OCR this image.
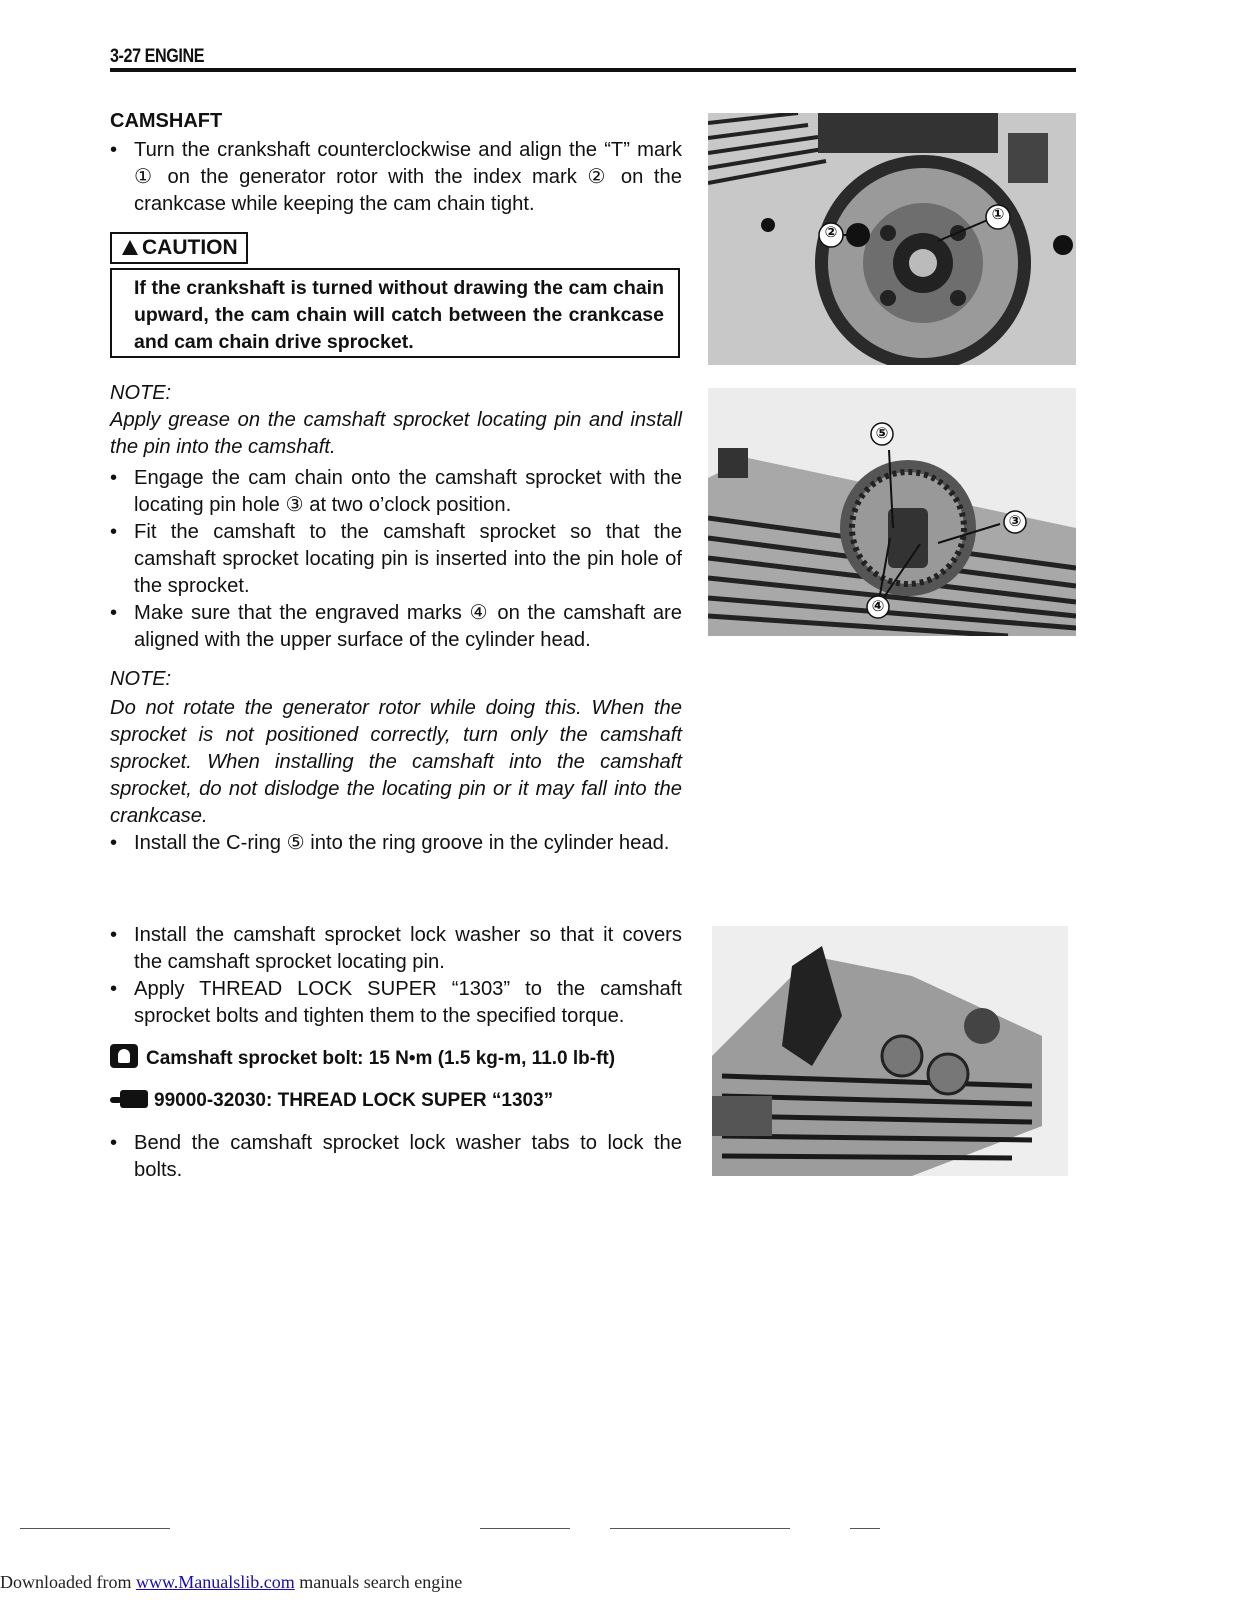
3-27 ENGINE
CAMSHAFT
• Turn the crankshaft counterclockwise and align the “T” mark ① on the generator rotor with the index mark ② on the crankcase while keeping the cam chain tight.
CAUTION
If the crankshaft is turned without drawing the cam chain upward, the cam chain will catch between the crankcase and cam chain drive sprocket.
NOTE:
Apply grease on the camshaft sprocket locating pin and install the pin into the camshaft.
• Engage the cam chain onto the camshaft sprocket with the locating pin hole ③ at two o’clock position.
• Fit the camshaft to the camshaft sprocket so that the camshaft sprocket locating pin is inserted into the pin hole of the sprocket.
• Make sure that the engraved marks ④ on the camshaft are aligned with the upper surface of the cylinder head.
NOTE:
Do not rotate the generator rotor while doing this. When the sprocket is not positioned correctly, turn only the camshaft sprocket. When installing the camshaft into the camshaft sprocket, do not dislodge the locating pin or it may fall into the crankcase.
• Install the C-ring ⑤ into the ring groove in the cylinder head.
• Install the camshaft sprocket lock washer so that it covers the camshaft sprocket locating pin.
• Apply THREAD LOCK SUPER “1303” to the camshaft sprocket bolts and tighten them to the specified torque.
Camshaft sprocket bolt: 15 N•m (1.5 kg-m, 11.0 lb-ft)
99000-32030: THREAD LOCK SUPER “1303”
• Bend the camshaft sprocket lock washer tabs to lock the bolts.
①
②
⑤
③
④
Downloaded from www.Manualslib.com manuals search engine
